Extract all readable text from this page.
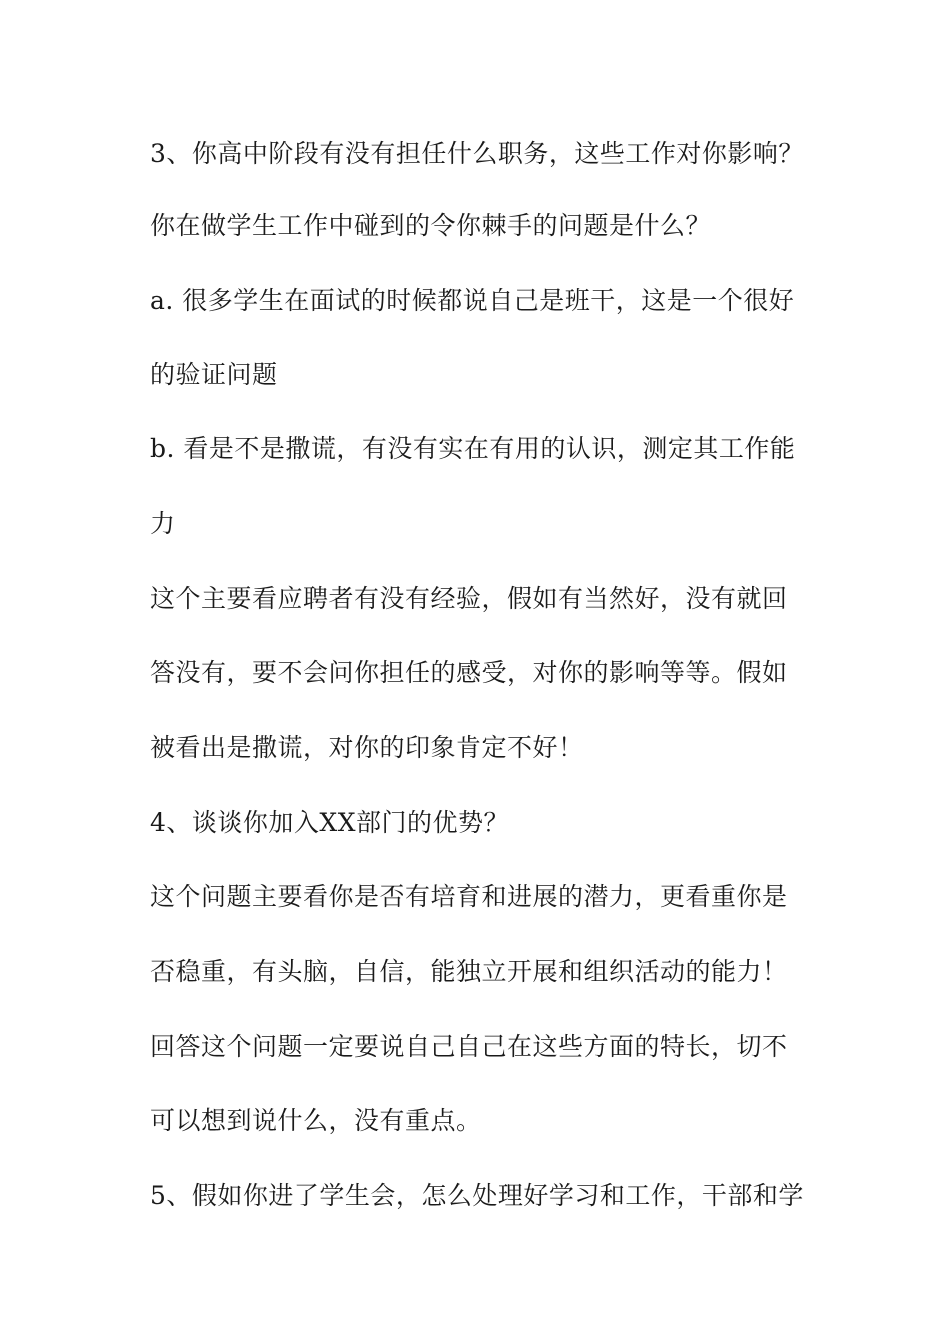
3、你高中阶段有没有担任什么职务，这些工作对你影响？

你在做学生工作中碰到的令你棘手的问题是什么？

a. 很多学生在面试的时候都说自己是班干，这是一个很好

的验证问题

b. 看是不是撒谎，有没有实在有用的认识，测定其工作能

力

这个主要看应聘者有没有经验，假如有当然好，没有就回

答没有，要不会问你担任的感受，对你的影响等等。假如

被看出是撒谎，对你的印象肯定不好！

4、谈谈你加入XX部门的优势？

这个问题主要看你是否有培育和进展的潜力，更看重你是

否稳重，有头脑，自信，能独立开展和组织活动的能力！

回答这个问题一定要说自己自己在这些方面的特长，切不

可以想到说什么，没有重点。

5、假如你进了学生会，怎么处理好学习和工作，干部和学
